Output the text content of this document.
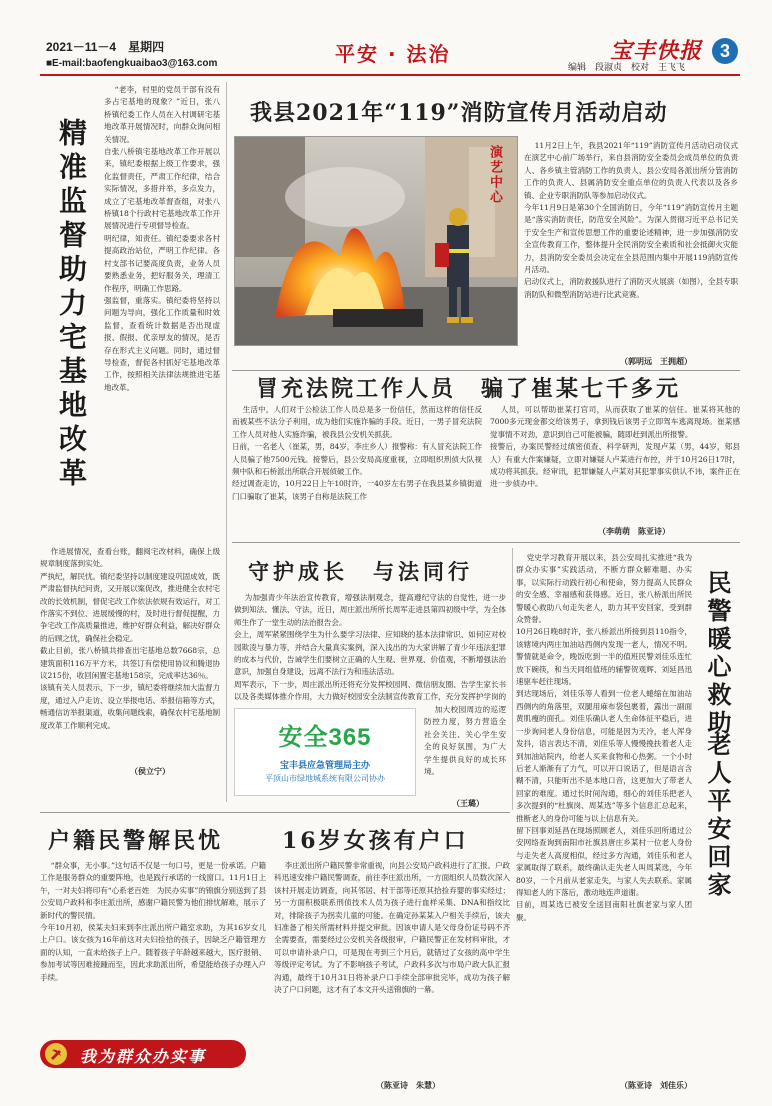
2021－11－4　 星期四
■E-mail:baofengkuaibao3@163.com	平安 · 法治	宝丰快报 3
编辑　段淑贞　校对　王飞飞
精准监督助力宅基地改革
“老李，村里的党员干部有没有多占宅基地的现象？”近日，张八桥镇纪委工作人员在入村调研宅基地改革开展情况时，向群众询问相关情况。
自张八桥镇宅基地改革工作开展以来，镇纪委根据上级工作要求，强化监督责任，严肃工作纪律，结合实际情况，多措并举，多点发力，成立了宅基地改革督查组，对张八桥镇18个行政村宅基地改革工作开展情况进行专项督导检查。
明纪律，知责任。镇纪委要求各村提高政治站位，严明工作纪律。各村支部书记要高度负责，业务人员要熟悉业务，把好服务关，理清工作程序，明确工作思路。
强监督，重落实。镇纪委将坚持以问题为导向，强化工作质量和时效监督，查看统计数据是否出现虚报、假报、优亲厚友的情况，是否存在形式主义问题。同时，通过督导检查，督促各村抓好宅基地改革工作，按照相关法律法规推进宅基地改革。
作进展情况，查看台账，翻阅宅改材料，确保上级规章制度落到实处。
严执纪，解民忧。镇纪委坚持以制度建设巩固成效，既严肃监督执纪问责，又开展以案促改，推进健全农村宅改的长效机制，督促宅改工作依法依规有效运行，对工作落实不到位、进展缓慢的村，及时进行督促提醒，力争宅改工作高质量推进，维护好群众利益，解决好群众的后顾之忧，确保社会稳定。
截止目前，张八桥镇共排查出宅基地总数7668宗，总建筑面积116万平方米，共签订有偿使用协议和腾退协议215份，收回闲置宅基地158宗，完成率达36％。
该镇有关人员表示，下一步，镇纪委将继续加大监督力度，通过入户走访、设立举报电话、举报信箱等方式，畅通信访举报渠道，收集问题线索，确保农村宅基地制度改革工作顺利完成。
（侯立宁）
我县2021年“119”消防宣传月活动启动
演艺中心	11月2日上午，我县2021年“119”消防宣传月活动启动仪式在演艺中心前广场举行，来自县消防安全委员会成员单位的负责人、各乡镇主管消防工作的负责人、县公安局各派出所分管消防工作的负责人、县属消防安全重点单位的负责人代表以及各乡镇、企业专职消防队等参加启动仪式。
今年11月9日是第30个全国消防日，今年“119”消防宣传月主题是“落实消防责任，防范安全风险”。为深入贯彻习近平总书记关于安全生产和宣传思想工作的重要论述精神，进一步加强消防安全宣传教育工作，整体提升全民消防安全素质和社会抵御火灾能力，县消防安全委员会决定在全县范围内集中开展119消防宣传月活动。
启动仪式上，消防救援队进行了消防灭火展演（如图），全县专职消防队和微型消防站进行比武竞赛。
（郭明远　王拥超）
冒充法院工作人员　骗了崔某七千多元
生活中，人们对于公检法工作人员总是多一份信任，然而这样的信任反而被某些不法分子利用，成为他们实施诈骗的手段。近日，一男子冒充法院工作人员对他人实施诈骗，被我县公安机关抓获。
日前，一名老人（崔某，男，84岁，李庄乡人）报警称：有人冒充法院工作人员骗了他7500元钱。接警后，县公安局高度重视，立即组织刑侦大队视频中队和石桥派出所联合开展侦破工作。
经过调查走访，10月22日上午10时许，一40岁左右男子在我县某乡镇街道门口骗取了崔某，该男子自称是法院工作
人员，可以帮助崔某打官司，从而获取了崔某的信任。崔某将其他的7000多元现金都交给该男子，拿到钱后该男子立即驾车逃离现场。崔某感觉事情不对劲，意识到自己可能被骗，随即赶到派出所报警。
接警后，办案民警经过缜密侦查、科学研判，发现卢某（男，44岁，郏县人）有重大作案嫌疑，立即对嫌疑人卢某进行布控，并于10月26日17时，成功将其抓获。经审讯，犯罪嫌疑人卢某对其犯罪事实供认不讳，案件正在进一步侦办中。
（李萌萌　陈亚诗）
守护成长　与法同行
为加强青少年法治宣传教育，增强法制观念，提高遵纪守法的自觉性，进一步做到知法、懂法、守法，近日，周庄派出所所长周军走进县第四初级中学，为全体师生作了一堂生动的法治报告会。
会上，周军紧紧围绕学生为什么要学习法律、应知晓的基本法律常识、如何应对校园欺凌与暴力等，并结合大量真实案例，深入浅出的为大家讲解了青少年违法犯罪的成本与代价，告诫学生们要树立正确的人生观、世界观、价值观，不断增强法治意识，加强自身建设，远离不法行为和违法活动。
周军表示，下一步，周庄派出所还将充分发挥校园网、微信朋友圈、告学生家长书以及各类媒体推介作用，大力做好校园安全法制宣传教育工作，充分发挥护学岗的
加大校园周边的巡逻防控力度，努力营造全社会关注、关心学生安全的良好氛围，为广大学生提供良好的成长环境。
（王璐）
安全365
宝丰县应急管理局主办
平顶山市绿地城系统有限公司协办
民警暖心救助
老人平安回家
党史学习教育开展以来，县公安局扎实推进“我为群众办实事”实践活动，不断方群众解难题、办实事，以实际行动践行初心和使命，努力提高人民群众的安全感、幸福感和获得感。近日，张八桥派出所民警暖心救助八旬走失老人，助力其平安回家，受到群众赞誉。
10月26日晚8时许，张八桥派出所接到县110指令，该辖境内两庄加油站西侧内发现一老人，情况不明。警情就是命令，晚饭吃到一半的值班民警刘佳乐连忙放下碗筷，和当天同组值班的辅警贺观辉、刘延昌迅速驱车赶往现场。
到达现场后，刘佳乐等人看到一位老人蜷缩在加油站西侧内的角落里，双腿用麻布袋包裹着，露出一副面黄肌瘦的面孔。刘佳乐确认老人生命体征平稳后，进一步询问老人身份信息，可能是因为天冷，老人浑身发抖，语言表达不清，刘佳乐等人慢慢挽扶着老人走到加油站院内，给老人买来食物和心热粥。一个小时后老人渐渐有了力气，可以开口说话了，但是语言含糊不清，只能听出不是本地口音，这更加大了带老人回家的难度。通过长时间沟通，细心的刘佳乐把老人多次提到的“杜旗岗、周某选”等多个信息汇总起来，推断老人的身份可能与以上信息有关。
留下回事刘延昌在现场照顾老人，刘佳乐回所通过公安网络查询到南阳市社旗县唐庄乡某村一位老人身份与走失老人高度相似，经过多方沟通，刘佳乐和老人家属取得了联系，最终确认走失老人叫周某选，今年80岁，一个月前从老家走失，与家人失去联系。家属得知老人的下落后，激动地连声道谢。
目前，周某选已被安全送回南阳社旗老家与家人团聚。
（陈亚诗　刘佳乐）
户籍民警解民忧	16岁女孩有户口
“群众事，无小事。”这句话不仅是一句口号，更是一份承诺。户籍工作是服务群众的重要阵地，也是践行承诺的一线窗口。11月1日上午，一对夫妇将印有“心系老百姓　为民办实事”的锦旗分别送到了县公安局户政科和李庄派出所，感谢户籍民警为他们排忧解难，展示了新时代的警民情。
今年10月初，侯某夫妇来到李庄派出所户籍室求助，为其16岁女儿上户口。该女孩为16年前这对夫妇捡拾的孩子，因缺乏户籍管理方面的认知，一直未给孩子上户。随着孩子年龄越来越大，医疗报销、参加考试等因难接踵而至，因此求助派出所，希望能给孩子办理入户手续。
李庄派出所户籍民警非常重视，向县公安局户政科进行了汇报。户政科迅速安排户籍民警调查，前往李庄派出所，一方面组织人员数次深入该村开展走访调查，向其邻居、村干部等还原其拾捡弃婴的事实经过；另一方面积极联系刑侦技术人员为孩子进行血样采集、DNA和指纹比对，排除孩子为拐卖儿童的可能。在确定孙某某入户相关手续后，该夫妇准备了相关所需材料并提交审批。因该申请人是父母身份证号码不齐全需要查，需要经过公安机关各级报审，户籍民警正在发材料审批，才可以申请补录户口，可是现在考到三个月后，就错过了女孩的高中学生等级评定考试。为了不影响孩子考试，户政科多次与市局户政大队汇报沟通，最终于10月31日将补录户口手续全部审批完毕，成功为孩子解决了户口问题，这才有了本文开头送锦旗的一幕。
（陈亚诗　朱慧）
我为群众办实事
